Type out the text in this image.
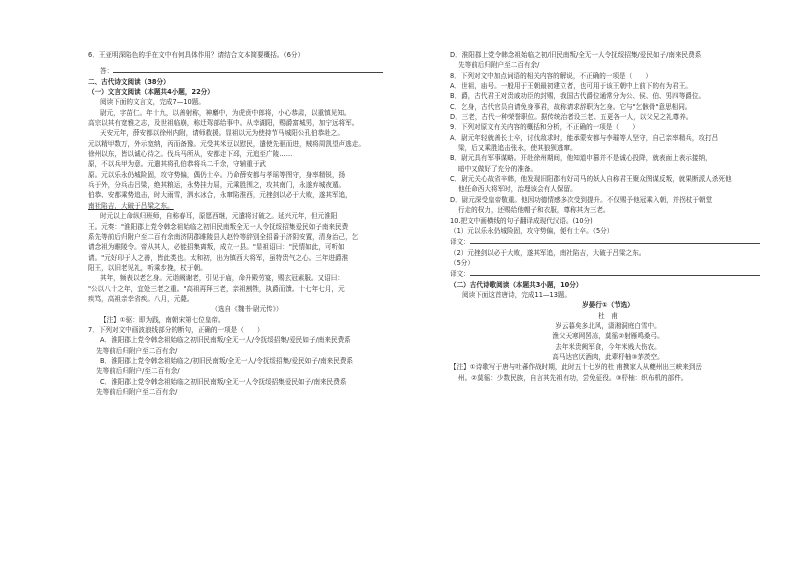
6．王亚明深陷色的手在文中有何具体作用？请结合文本简要概括。（6分）
答：
二、古代诗文阅读（38分）
（一）文言文阅读（本题共4小题，22分）
阅读下面的文言文，完成7—10题。
尉元，字苗仁。年十九，以善射称，神麝中，为虎贲中郎将，小心恭肃，以重慎见知。
高宗以其有宽雅之志，及世祖临崩，称迁驾部给事中。从幸湖阳，赐爵富城男，加宁远将军。
天安元年，薛安都以徐州内附，请师救援。显祖以元为使持节马城阳公孔伯恭赴之。
元以精甲数万，外示宽纳，丙而备豫。元受其米豆以慰民，遣使先驱而进，贼将周凯望声逃走。
徐州以东，皆以诚心待之。伐兵马所从，安都走下邳，元追至广陵……
原，不以兵甲为意。元遣其将孔伯恭将兵二千余，守辅重于武
原。元以乐永仍城险固，攻守势偏，偶仍士卒。乃命薛安都与孝瑶等图守，身率精锐，扬
兵于外，分兵击吕梁，绝其粮运，永势挂力屈，元乘胜围之，攻其南门，永遂弃城夜遁。
伯恭、安都乘势追击，时大雨雪，泗水冰合，永窜陷淮西，元挫剑以必于大败，遂其军追，
南社陷吉，大破于吕梁之东。
时元以上命纵归班师，自称春耳，原愿西继，元遣将讨破之。延兴元年，但元淮阳
王。元奏："淮阳郡上党令韩念祖始临之初旧民南叛全无一人令抚绥招集爱民如子南来民费
系先等前后归附户至二百有余南济阴郡睢陵县人赵怜等辞别全招番于济阴安置，清身治己，乞
请念祖为睢陵令。帝从其人，必能招集离叛，成立一县。"显祖诏曰："民情如此，可听如
请。"元好印于人之善，皆此类也。太和初，出为镇西大将军，虽特贵气之心。三年进爵淮
阳王，以旧老见礼，听乘步挽，杖于朝。
其年，频表以老乞身。元诣阙谢老，引见于庙，命升殿劳宴，赐玄冠素服。又诏曰：
"公以八十之年，宜处三老之重。"高祖再拜三老，亲祖割牲，执爵而馈。十七年七月，元
疾笃，高祖亲幸省疾。八月，元薨。
（选自《魏书·尉元传》）
【注】①驱：即为践，南朝宋第七位皇帝。
7．下列对文中画波浪线部分的断句，正确的一项是（　　）
A．淮阳郡上党令韩念祖始临之初旧民南叛/全无一人/令抚绥招集/爱民如子/南来民费系
先等前后归附户至二百有余/
B．淮阳郡上党令韩念祖始临之/初旧民南叛/全无一人/令抚绥招集/爱民如子/南来民费系
先等前后归附户/至二百有余/
C．淮阳郡上党令韩念祖始临之初旧民南叛/全无一人令抚绥招集爱民如子/南来民费系
先等前后归附户至二百有余/
D．淮阳郡上党令韩念祖始临之初/旧民南叛/全无一人令抚绥招集/爱民如子/南来民费系
先等前后归附户至二百有余/
8．下列对文中加点词语的相关内容的解说，不正确的一项是（　　）
A．世祖，庙号。一般用于王朝最初建立者，也可用于该王朝中上前下的有为君王。
B．爵，古代君王对贵戚功臣的封赐，我国古代爵位通常分为公、侯、伯、男四等爵位。
C．乞身，古代官员自请免身事君，故称请求辞职为乞身。它与"乞骸骨"意思相同。
D．三老，古代一种荣誉职位。据传统治者设三老、五更各一人，以父兄之礼尊养。
9．下列对原文有关内容的概括和分析，不正确的一项是（　　）
A．尉元年轻就善长士卒，讨伐敌求时，能承蒙安都与李璀等人坚守，自己亲率精兵，攻打吕
梁，后又乘胜追击张永，使其狼狈逃窜。
B．尉元具有军事谋略。开赴徐州期间，他知道申篡并不是诚心投降，就表面上表示接纳，
暗中又做好了充分的准备。
C．尉元关心故省辛韩，他发现旧阳郡有好司马的妖人自称君王聚众图谋反叛，就果断派人杀死他
他任命西大将军时，治理该会有人保留。
D．尉元深受皇帝敬重。他因功德情感多次受到提升。不仅赐予他冠乘入朝，并拐杖于朝堂
行走的权力，还赐给他帽子和衣服，尊称其为三老。
10.把文中画横线的句子翻译成现代汉语。(10分)
（1）元以乐永仍城险固，攻守势偏，便有士卒。（5分）
译文：
（2）元挫剑以必于大败，遂其军追，南社陷吉，大破于吕梁之东。
（5分）
译文：
（二）古代诗歌阅读（本题共3小题，10分）
阅读下面这首唐诗，完成11—13题。
岁晏行①（节选）
杜　甫
岁云暮矣多北风，潇湘洞庭白雪中。
渔父天寒网罟冻，莫徭②射雁鸣桑弓。
去年米贵阙军食，今年米贱大伤农。
高马达官厌酒肉，此辈杼柚③茅茨空。
【注】①诗歌写于唐与吐蕃作战时期，此时五十七岁的杜 甫携家人从夔州出三峡来到岳
州。②莫徭：少数民族，自言其先祖有功，尝免征役。③杼柚：织布机的部件。
